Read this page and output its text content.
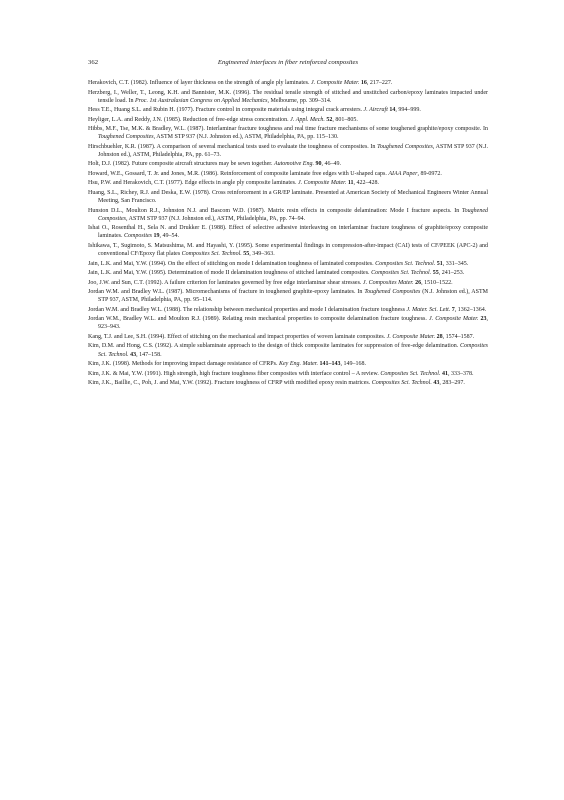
362	Engineered interfaces in fiber reinforced composites

Herakovich, C.T. (1982). Influence of layer thickness on the strength of angle ply laminates. J. Composite Mater. 16, 217–227.

Herzberg, I., Weller, T., Leong, K.H. and Bannister, M.K. (1996). The residual tensile strength of stitched and unstitched carbon/epoxy laminates impacted under tensile load. In Proc. 1st Australasian Congress on Applied Mechanics, Melbourne, pp. 309–314.

Hess T.E., Huang S.L. and Rubin H. (1977). Fracture control in composite materials using integral crack arresters. J. Aircraft 14, 994–999.

Heyliger, L.A. and Reddy, J.N. (1985). Reduction of free-edge stress concentration. J. Appl. Mech. 52, 801–805.

Hibbs, M.F., Tse, M.K. & Bradley, W.L. (1987). Interlaminar fracture toughness and real time fracture mechanisms of some toughened graphite/epoxy composite. In Toughened Composites, ASTM STP 937 (N.J. Johnston ed.), ASTM, Philadelphia, PA, pp. 115–130.

Hirschbuehler, K.R. (1987). A comparison of several mechanical tests used to evaluate the toughness of composites. In Toughened Composites, ASTM STP 937 (N.J. Johnston ed.), ASTM, Philadelphia, PA, pp. 61–73.

Holt, D.J. (1982). Future composite aircraft structures may be sewn together. Automotive Eng. 90, 46–49.

Howard, W.E., Gossard, T. Jr. and Jones, M.R. (1986). Reinforcement of composite laminate free edges with U-shaped caps. AIAA Paper, 89-0972.

Hsu, P.W. and Herakovich, C.T. (1977). Edge effects in angle ply composite laminates. J. Composite Mater. 11, 422–428.

Huang, S.L., Richey, R.J. and Deska, E.W. (1978). Cross reinforcement in a GR/EP laminate. Presented at American Society of Mechanical Engineers Winter Annual Meeting, San Francisco.

Hunston D.L., Moulton R.J., Johnston N.J. and Bascom W.D. (1987). Matrix resin effects in composite delamination: Mode I fracture aspects. In Toughened Composites, ASTM STP 937 (N.J. Johnston ed.), ASTM, Philadelphia, PA, pp. 74–94.

Ishai O., Rosenthal H., Sela N. and Drukker E. (1988). Effect of selective adhesive interleaving on interlaminar fracture toughness of graphite/epoxy composite laminates. Composites 19, 49–54.

Ishikawa, T., Sugimoto, S. Matsushima, M. and Hayashi, Y. (1995). Some experimental findings in compression-after-impact (CAI) tests of CF/PEEK (APC-2) and conventional CF/Epoxy flat plates Composites Sci. Technol. 55, 349–363.

Jain, L.K. and Mai, Y.W. (1994). On the effect of stitching on mode I delamination toughness of laminated composites. Composites Sci. Technol. 51, 331–345.

Jain, L.K. and Mai, Y.W. (1995). Determination of mode II delamination toughness of stitched laminated composites. Composites Sci. Technol. 55, 241–253.

Joo, J.W. and Sun, C.T. (1992). A failure criterion for laminates governed by free edge interlaminar shear stresses. J. Composites Mater. 26, 1510–1522.

Jordan W.M. and Bradley W.L. (1987). Micromechanisms of fracture in toughened graphite-epoxy laminates. In Toughened Composites (N.J. Johnston ed.), ASTM STP 937, ASTM, Philadelphia, PA, pp. 95–114.

Jordan W.M. and Bradley W.L. (1988). The relationship between mechanical properties and mode I delamination fracture toughness J. Mater. Sci. Lett. 7, 1362–1364.

Jordan W.M., Bradley W.L. and Moulton R.J. (1989). Relating resin mechanical properties to composite delamination fracture toughness. J. Composite Mater. 23, 923–943.

Kang, T.J. and Lee, S.H. (1994). Effect of stitching on the mechanical and impact properties of woven laminate composites. J. Composite Mater. 28, 1574–1587.

Kim, D.M. and Hong, C.S. (1992). A simple sublaminate approach to the design of thick composite laminates for suppression of free-edge delamination. Composites Sci. Technol. 43, 147–158.

Kim, J.K. (1998). Methods for improving impact damage resistance of CFRPs. Key Eng. Mater. 141–143, 149–168.

Kim, J.K. & Mai, Y.W. (1991). High strength, high fracture toughness fiber composites with interface control – A review. Composites Sci. Technol. 41, 333–378.

Kim, J.K., Baillie, C., Poh, J. and Mai, Y.W. (1992). Fracture toughness of CFRP with modified epoxy resin matrices. Composites Sci. Technol. 43, 283–297.
